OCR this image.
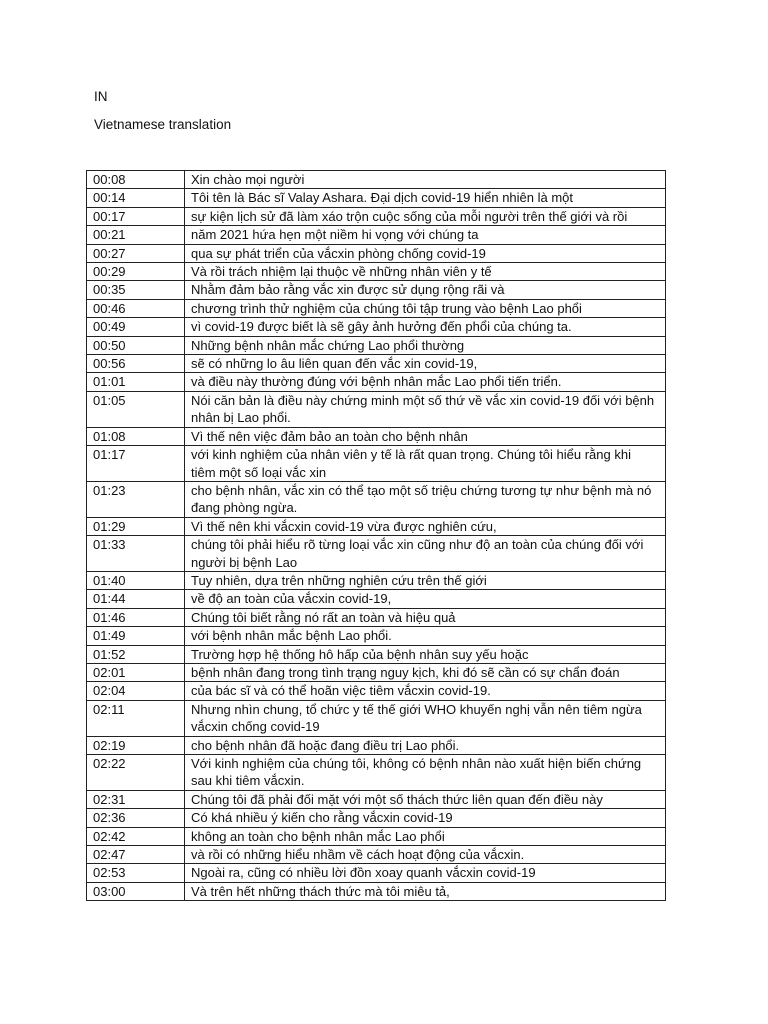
IN

Vietnamese translation

00:08	Xin chào mọi người
00:14	Tôi tên là Bác sĩ Valay Ashara. Đại dịch covid-19 hiển nhiên là một
00:17	sự kiện lịch sử đã làm xáo trộn cuộc sống của mỗi người trên thế giới và rồi
00:21	năm 2021 hứa hẹn một niềm hi vọng với chúng ta
00:27	qua sự phát triển của vắcxin phòng chống covid-19
00:29	Và rồi trách nhiệm lại thuộc về những nhân viên y tế
00:35	Nhằm đảm bảo rằng vắc xin được sử dụng rộng rãi và
00:46	chương trình thử nghiệm của chúng tôi tập trung vào bệnh Lao phổi
00:49	vì covid-19 được biết là sẽ gây ảnh hưởng đến phổi của chúng ta.
00:50	Những bệnh nhân mắc chứng Lao phổi thường
00:56	sẽ có những lo âu liên quan đến vắc xin covid-19,
01:01	và điều này thường đúng với bệnh nhân mắc Lao phổi tiến triển.
01:05	Nói căn bản là điều này chứng minh một số thứ về vắc xin covid-19 đối với bệnh nhân bị Lao phổi.
01:08	Vì thế nên việc đảm bảo an toàn cho bệnh nhân
01:17	với kinh nghiệm của nhân viên y tế là rất quan trọng. Chúng tôi hiểu rằng khi tiêm một số loại vắc xin
01:23	cho bệnh nhân, vắc xin có thể tạo một số triệu chứng tương tự như bệnh mà nó đang phòng ngừa.
01:29	Vì thế nên khi vắcxin covid-19 vừa được nghiên cứu,
01:33	chúng tôi phải hiểu rõ từng loại vắc xin cũng như độ an toàn của chúng đối với người bị bệnh Lao
01:40	Tuy nhiên, dựa trên những nghiên cứu trên thế giới
01:44	về độ an toàn của vắcxin covid-19,
01:46	Chúng tôi biết rằng nó rất an toàn và hiệu quả
01:49	với bệnh nhân mắc bệnh Lao phổi.
01:52	Trường hợp hệ thống hô hấp của bệnh nhân suy yếu hoặc
02:01	bệnh nhân đang trong tình trạng nguy kịch, khi đó sẽ cần có sự chẩn đoán
02:04	của bác sĩ và có thể hoãn việc tiêm vắcxin covid-19.
02:11	Nhưng nhìn chung, tổ chức y tế thế giới WHO khuyến nghị vẫn nên tiêm ngừa vắcxin chống covid-19
02:19	cho bệnh nhân đã hoặc đang điều trị Lao phổi.
02:22	Với kinh nghiệm của chúng tôi, không có bệnh nhân nào xuất hiện biến chứng sau khi tiêm vắcxin.
02:31	Chúng tôi đã phải đối mặt với một số thách thức liên quan đến điều này
02:36	Có khá nhiều ý kiến cho rằng vắcxin covid-19
02:42	không an toàn cho bệnh nhân mắc Lao phổi
02:47	và rồi có những hiểu nhầm về cách hoạt động của vắcxin.
02:53	Ngoài ra, cũng có nhiều lời đồn xoay quanh vắcxin covid-19
03:00	Và trên hết những thách thức mà tôi miêu tả,
